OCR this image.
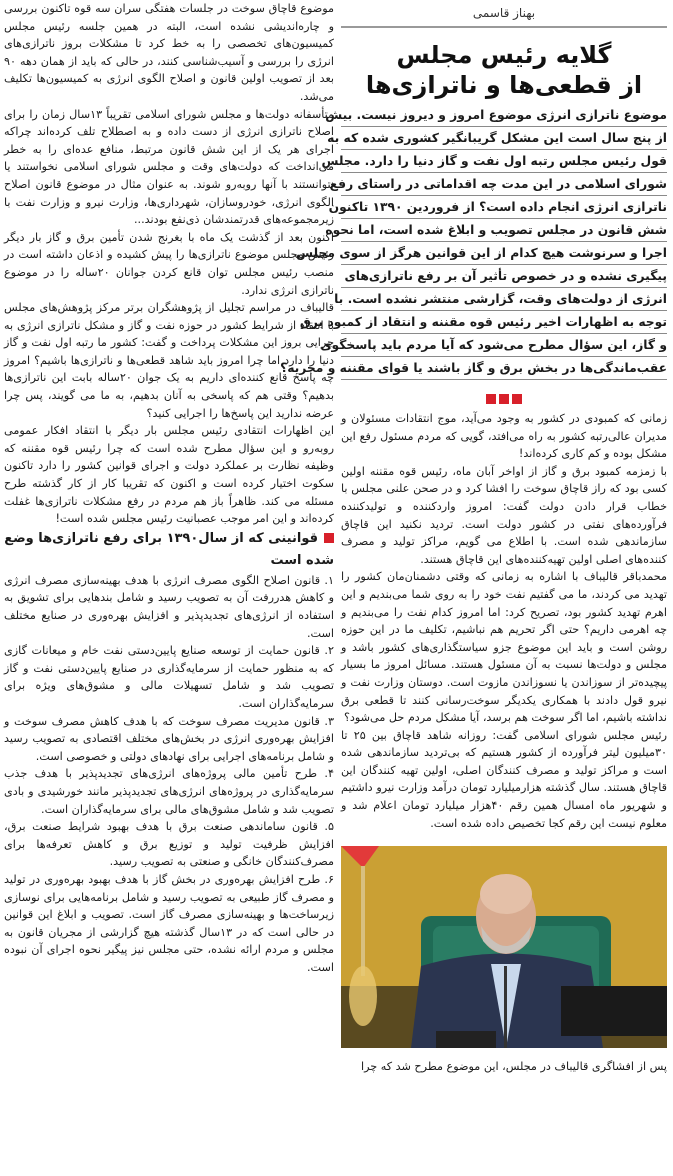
بهناز قاسمی
گلایه رئیس مجلس
از قطعی‌ها و ناترازی‌ها
موضوع ناترازی انرژی موضوع امروز و دیروز نیست. بیش
از پنج سال است این مشکل گریبانگیر کشوری شده که به
قول رئیس مجلس رتبه اول نفت و گاز دنیا را دارد. مجلس
شورای اسلامی در این مدت چه اقداماتی در راستای رفع
ناترازی انرژی انجام داده است؟ از فروردین ۱۳۹۰ تاکنون
شش قانون در مجلس تصویب و ابلاغ شده است، اما نحوه
اجرا و سرنوشت هیچ کدام از این قوانین هرگز از سوی مجلس
پیگیری نشده و در خصوص تأثیر آن بر رفع ناترازی‌های
انرژی از دولت‌های وقت، گزارشی منتشر نشده است. با
توجه به اظهارات اخیر رئیس قوه مقننه و انتقاد از کمبود برق
و گاز، این سؤال مطرح می‌شود که آیا مردم باید پاسخگوی
عقب‌ماندگی‌ها در بخش برق و گاز باشند یا قوای مقننه و مجریه؟

زمانی که کمبودی در کشور به وجود می‌آید، موج انتقادات مسئولان و مدیران عالی‌رتبه کشور به راه می‌افتد، گویی که مردم مسئول رفع این مشکل بوده و کم کاری کرده‌اند!

با زمزمه کمبود برق و گاز از اواخر آبان ماه، رئیس قوه مقننه اولین کسی بود که راز قاچاق سوخت را افشا کرد و در صحن علنی مجلس با خطاب قرار دادن دولت گفت: امروز واردکننده و تولیدکننده فرآورده‌های نفتی در کشور دولت است. تردید نکنید این قاچاق سازماندهی شده است. با اطلاع می گویم، مراکز تولید و مصرف کننده‌های اصلی اولین تهیه‌کننده‌های این قاچاق هستند.

محمدباقر قالیباف با اشاره به زمانی که وقتی دشمنان‌مان کشور را تهدید می کردند، ما می گفتیم نفت خود را به روی شما می‌بندیم و این اهرم تهدید کشور بود، تصریح کرد: اما امروز کدام نفت را می‌بندیم و چه اهرمی داریم؟ حتی اگر تحریم هم نباشیم، تکلیف ما در این حوزه روشن است و باید این موضوع جزو سیاستگذاری‌های کشور باشد و مجلس و دولت‌ها نسبت به آن مسئول هستند. مسائل امروز ما بسیار پیچیده‌تر از سوزاندن یا نسوزاندن مازوت است. دوستان وزارت نفت و نیرو قول دادند با همکاری یکدیگر سوخت‌رسانی کنند تا قطعی برق نداشته باشیم، اما اگر سوخت هم برسد، آیا مشکل مردم حل می‌شود؟

رئیس مجلس شورای اسلامی گفت: روزانه شاهد قاچاق بین ۲۵ تا ۳۰میلیون لیتر فرآورده از کشور هستیم که بی‌تردید سازماندهی شده است و مراکز تولید و مصرف کنندگان اصلی، اولین تهیه کنندگان این قاچاق هستند. سال گذشته هزارمیلیارد تومان درآمد وزارت نیرو داشتیم و شهریور ماه امسال همین رقم ۴۰هزار میلیارد تومان اعلام شد و معلوم نیست این رقم کجا تخصیص داده شده است.

پس از افشاگری قالیباف در مجلس، این موضوع مطرح شد که چرا

موضوع قاچاق سوخت در جلسات هفتگی سران سه قوه تاکنون بررسی و چاره‌اندیشی نشده است، البته در همین جلسه رئیس مجلس کمیسیون‌های تخصصی را به خط کرد تا مشکلات بروز ناترازی‌های انرژی را بررسی و آسیب‌شناسی کنند، در حالی که باید از همان دهه ۹۰ بعد از تصویب اولین قانون و اصلاح الگوی انرژی به کمیسیون‌ها تکلیف می‌شد.

متأسفانه دولت‌ها و مجلس شورای اسلامی تقریباً ۱۳سال زمان را برای اصلاح ناترازی انرژی از دست داده و به اصطلاح تلف کرده‌اند چراکه اجرای هر یک از این شش قانون مرتبط، منافع عده‌ای را به خطر می‌انداخت که دولت‌های وقت و مجلس شورای اسلامی نخواستند یا نتوانستند با آنها روبه‌رو شوند. به عنوان مثال در موضوع قانون اصلاح الگوی انرژی، خودروسازان، شهرداری‌ها، وزارت نیرو و وزارت نفت با زیرمجموعه‌های قدرتمندشان ذی‌نفع بودند...

اکنون بعد از گذشت یک ماه با بغرنج شدن تأمین برق و گاز بار دیگر رئیس مجلس موضوع ناترازی‌ها را پیش کشیده و اذعان داشته است در منصب رئیس مجلس توان قانع کردن جوانان ۲۰ساله را در موضوع ناترازی انرژی ندارد.

قالیباف در مراسم تجلیل از پژوهشگران برتر مرکز پژوهش‌های مجلس با انتقاد از شرایط کشور در حوزه نفت و گاز و مشکل ناترازی انرژی به چرایی بروز این مشکلات پرداخت و گفت: کشور ما رتبه اول نفت و گاز دنیا را دارد اما چرا امروز باید شاهد قطعی‌ها و ناترازی‌ها باشیم؟ امروز چه پاسخ قانع کننده‌ای داریم به یک جوان ۲۰ساله بابت این ناترازی‌ها بدهیم؟ وقتی هم که پاسخی به آنان بدهیم، به ما می گویند، پس چرا عرضه ندارید این پاسخ‌ها را اجرایی کنید؟

این اظهارات انتقادی رئیس مجلس بار دیگر با انتقاد افکار عمومی روبه‌رو و این سؤال مطرح شده است که چرا رئیس قوه مقننه که وظیفه نظارت بر عملکرد دولت و اجرای قوانین کشور را دارد تاکنون سکوت اختیار کرده است و اکنون که تقریبا کار از کار گذشته طرح مسئله می کند. ظاهراً باز هم مردم در رفع مشکلات ناترازی‌ها غفلت کرده‌اند و این امر موجب عصبانیت رئیس مجلس شده است!

قوانینی که از سال۱۳۹۰ برای رفع ناترازی‌ها وضع شده است

۱. قانون اصلاح الگوی مصرف انرژی با هدف بهینه‌سازی مصرف انرژی و کاهش هدررفت آن به تصویب رسید و شامل بندهایی برای تشویق به استفاده از انرژی‌های تجدیدپذیر و افزایش بهره‌وری در صنایع مختلف است.

۲. قانون حمایت از توسعه صنایع پایین‌دستی نفت خام و میعانات گازی که به منظور حمایت از سرمایه‌گذاری در صنایع پایین‌دستی نفت و گاز تصویب شد و شامل تسهیلات مالی و مشوق‌های ویژه برای سرمایه‌گذاران است.

۳. قانون مدیریت مصرف سوخت که با هدف کاهش مصرف سوخت و افزایش بهره‌وری انرژی در بخش‌های مختلف اقتصادی به تصویب رسید و شامل برنامه‌های اجرایی برای نهادهای دولتی و خصوصی است.

۴. طرح تأمین مالی پروژه‌های انرژی‌های تجدیدپذیر با هدف جذب سرمایه‌گذاری در پروژه‌های انرژی‌های تجدیدپذیر مانند خورشیدی و بادی تصویب شد و شامل مشوق‌های مالی برای سرمایه‌گذاران است.

۵. قانون ساماندهی صنعت برق با هدف بهبود شرایط صنعت برق، افزایش ظرفیت تولید و توزیع برق و کاهش تعرفه‌ها برای مصرف‌کنندگان خانگی و صنعتی به تصویب رسید.

۶. طرح افزایش بهره‌وری در بخش گاز با هدف بهبود بهره‌وری در تولید و مصرف گاز طبیعی به تصویب رسید و شامل برنامه‌هایی برای نوسازی زیرساخت‌ها و بهینه‌سازی مصرف گاز است. تصویب و ابلاغ این قوانین در حالی است که در ۱۳سال گذشته هیچ گزارشی از مجریان قانون به مجلس و مردم ارائه نشده، حتی مجلس نیز پیگیر نحوه اجرای آن نبوده است.
